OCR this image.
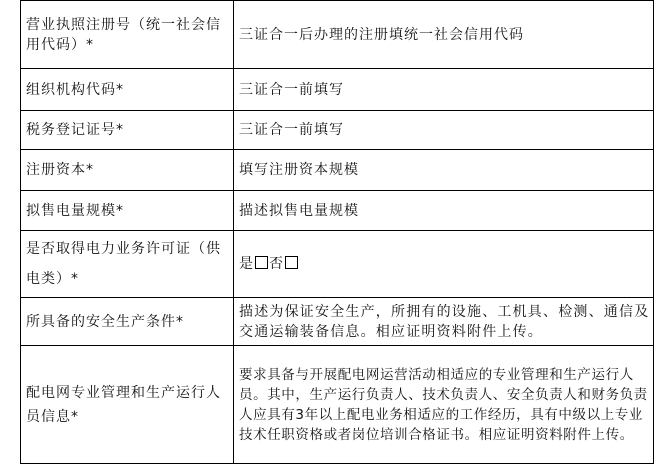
营业执照注册号（统一社会信用代码）*	三证合一后办理的注册填统一社会信用代码
组织机构代码*	三证合一前填写
税务登记证号*	三证合一前填写
注册资本*	填写注册资本规模
拟售电量规模*	描述拟售电量规模
是否取得电力业务许可证（供电类）*	是 否
所具备的安全生产条件*	描述为保证安全生产，所拥有的设施、工机具、检测、通信及交通运输装备信息。相应证明资料附件上传。
配电网专业管理和生产运行人员信息*	要求具备与开展配电网运营活动相适应的专业管理和生产运行人员。其中，生产运行负责人、技术负责人、安全负责人和财务负责人应具有3年以上配电业务相适应的工作经历，具有中级以上专业技术任职资格或者岗位培训合格证书。相应证明资料附件上传。
